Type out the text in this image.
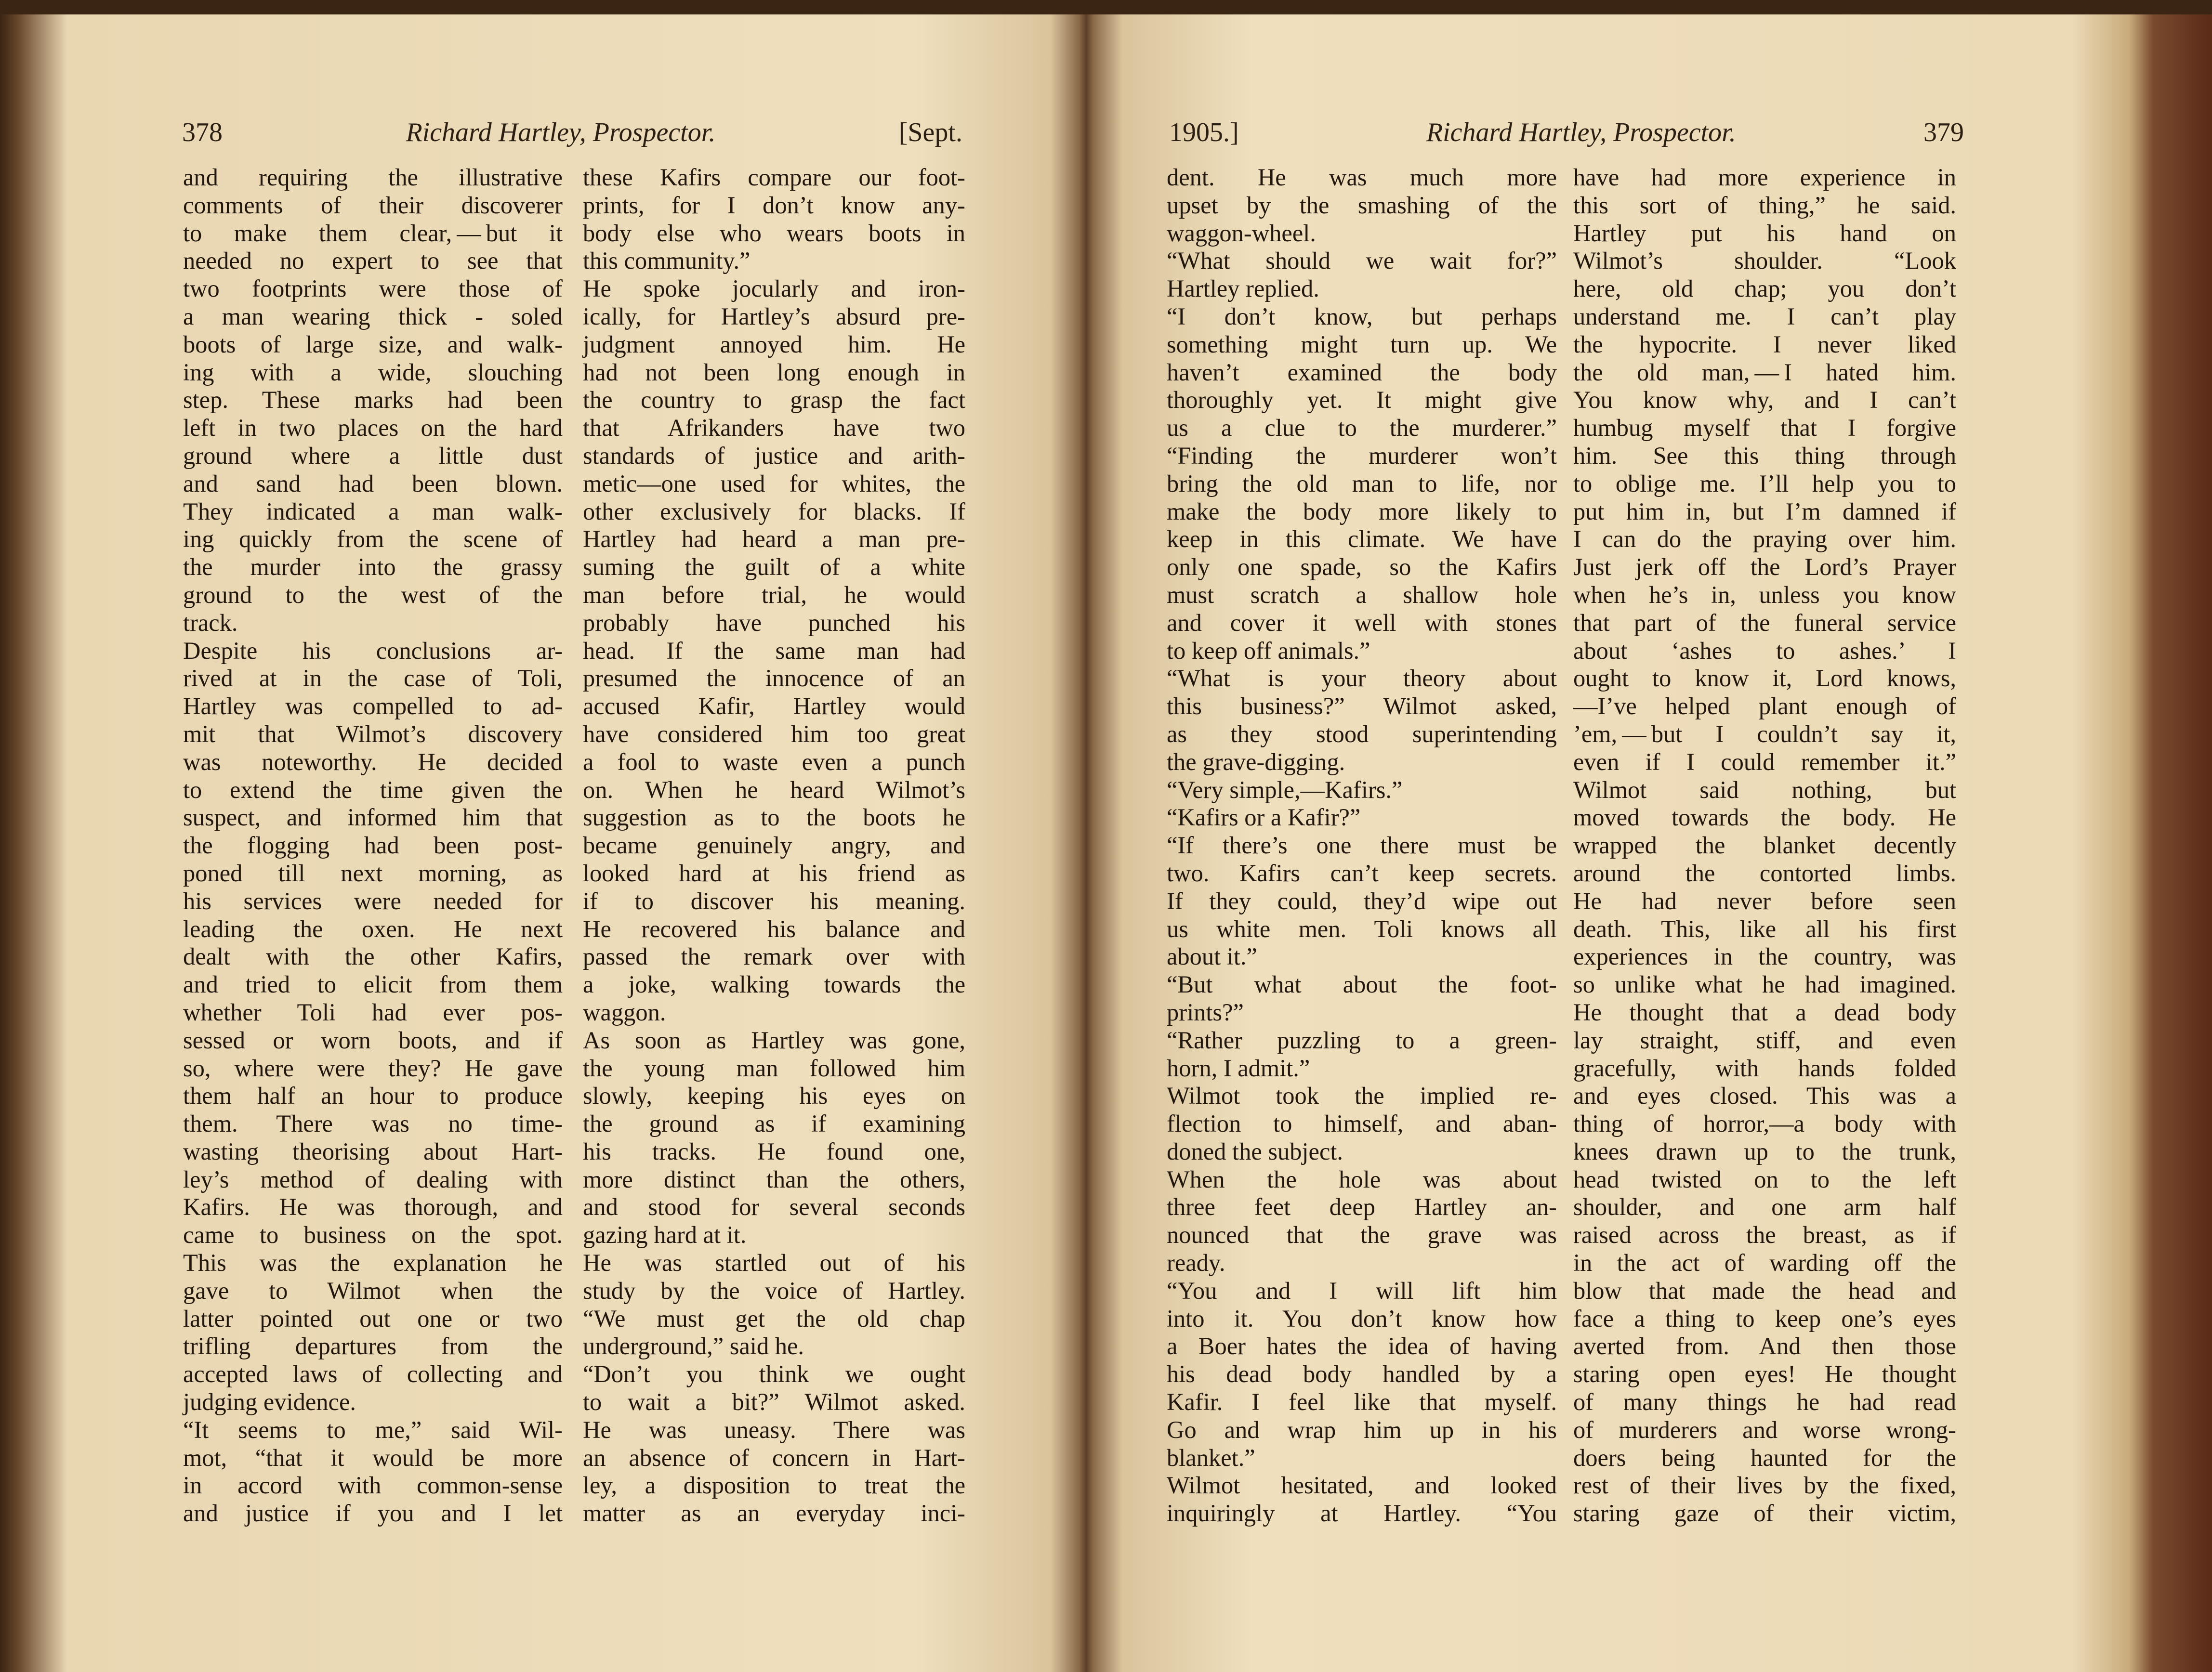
378	Richard Hartley, Prospector.	[Sept.

and requiring the illustrative

comments of their discoverer

to make them clear, — but it

needed no expert to see that

two footprints were those of

a man wearing thick - soled

boots of large size, and walk-

ing with a wide, slouching

step. These marks had been

left in two places on the hard

ground where a little dust

and sand had been blown.

They indicated a man walk-

ing quickly from the scene of

the murder into the grassy

ground to the west of the

track.

Despite his conclusions ar-

rived at in the case of Toli,

Hartley was compelled to ad-

mit that Wilmot’s discovery

was noteworthy. He decided

to extend the time given the

suspect, and informed him that

the flogging had been post-

poned till next morning, as

his services were needed for

leading the oxen. He next

dealt with the other Kafirs,

and tried to elicit from them

whether Toli had ever pos-

sessed or worn boots, and if

so, where were they? He gave

them half an hour to produce

them. There was no time-

wasting theorising about Hart-

ley’s method of dealing with

Kafirs. He was thorough, and

came to business on the spot.

This was the explanation he

gave to Wilmot when the

latter pointed out one or two

trifling departures from the

accepted laws of collecting and

judging evidence.

“It seems to me,” said Wil-

mot, “that it would be more

in accord with common-sense

and justice if you and I let

these Kafirs compare our foot-

prints, for I don’t know any-

body else who wears boots in

this community.”

He spoke jocularly and iron-

ically, for Hartley’s absurd pre-

judgment annoyed him. He

had not been long enough in

the country to grasp the fact

that Afrikanders have two

standards of justice and arith-

metic—one used for whites, the

other exclusively for blacks. If

Hartley had heard a man pre-

suming the guilt of a white

man before trial, he would

probably have punched his

head. If the same man had

presumed the innocence of an

accused Kafir, Hartley would

have considered him too great

a fool to waste even a punch

on. When he heard Wilmot’s

suggestion as to the boots he

became genuinely angry, and

looked hard at his friend as

if to discover his meaning.

He recovered his balance and

passed the remark over with

a joke, walking towards the

waggon.

As soon as Hartley was gone,

the young man followed him

slowly, keeping his eyes on

the ground as if examining

his tracks. He found one,

more distinct than the others,

and stood for several seconds

gazing hard at it.

He was startled out of his

study by the voice of Hartley.

“We must get the old chap

underground,” said he.

“Don’t you think we ought

to wait a bit?” Wilmot asked.

He was uneasy. There was

an absence of concern in Hart-

ley, a disposition to treat the

matter as an everyday inci-

1905.]	Richard Hartley, Prospector.	379

dent. He was much more

upset by the smashing of the

waggon-wheel.

“What should we wait for?”

Hartley replied.

“I don’t know, but perhaps

something might turn up. We

haven’t examined the body

thoroughly yet. It might give

us a clue to the murderer.”

“Finding the murderer won’t

bring the old man to life, nor

make the body more likely to

keep in this climate. We have

only one spade, so the Kafirs

must scratch a shallow hole

and cover it well with stones

to keep off animals.”

“What is your theory about

this business?” Wilmot asked,

as they stood superintending

the grave-digging.

“Very simple,—Kafirs.”

“Kafirs or a Kafir?”

“If there’s one there must be

two. Kafirs can’t keep secrets.

If they could, they’d wipe out

us white men. Toli knows all

about it.”

“But what about the foot-

prints?”

“Rather puzzling to a green-

horn, I admit.”

Wilmot took the implied re-

flection to himself, and aban-

doned the subject.

When the hole was about

three feet deep Hartley an-

nounced that the grave was

ready.

“You and I will lift him

into it. You don’t know how

a Boer hates the idea of having

his dead body handled by a

Kafir. I feel like that myself.

Go and wrap him up in his

blanket.”

Wilmot hesitated, and looked

inquiringly at Hartley. “You

have had more experience in

this sort of thing,” he said.

Hartley put his hand on

Wilmot’s shoulder. “Look

here, old chap; you don’t

understand me. I can’t play

the hypocrite. I never liked

the old man, — I hated him.

You know why, and I can’t

humbug myself that I forgive

him. See this thing through

to oblige me. I’ll help you to

put him in, but I’m damned if

I can do the praying over him.

Just jerk off the Lord’s Prayer

when he’s in, unless you know

that part of the funeral service

about ‘ashes to ashes.’ I

ought to know it, Lord knows,

—I’ve helped plant enough of

’em, — but I couldn’t say it,

even if I could remember it.”

Wilmot said nothing, but

moved towards the body. He

wrapped the blanket decently

around the contorted limbs.

He had never before seen

death. This, like all his first

experiences in the country, was

so unlike what he had imagined.

He thought that a dead body

lay straight, stiff, and even

gracefully, with hands folded

and eyes closed. This was a

thing of horror,—a body with

knees drawn up to the trunk,

head twisted on to the left

shoulder, and one arm half

raised across the breast, as if

in the act of warding off the

blow that made the head and

face a thing to keep one’s eyes

averted from. And then those

staring open eyes! He thought

of many things he had read

of murderers and worse wrong-

doers being haunted for the

rest of their lives by the fixed,

staring gaze of their victim,
